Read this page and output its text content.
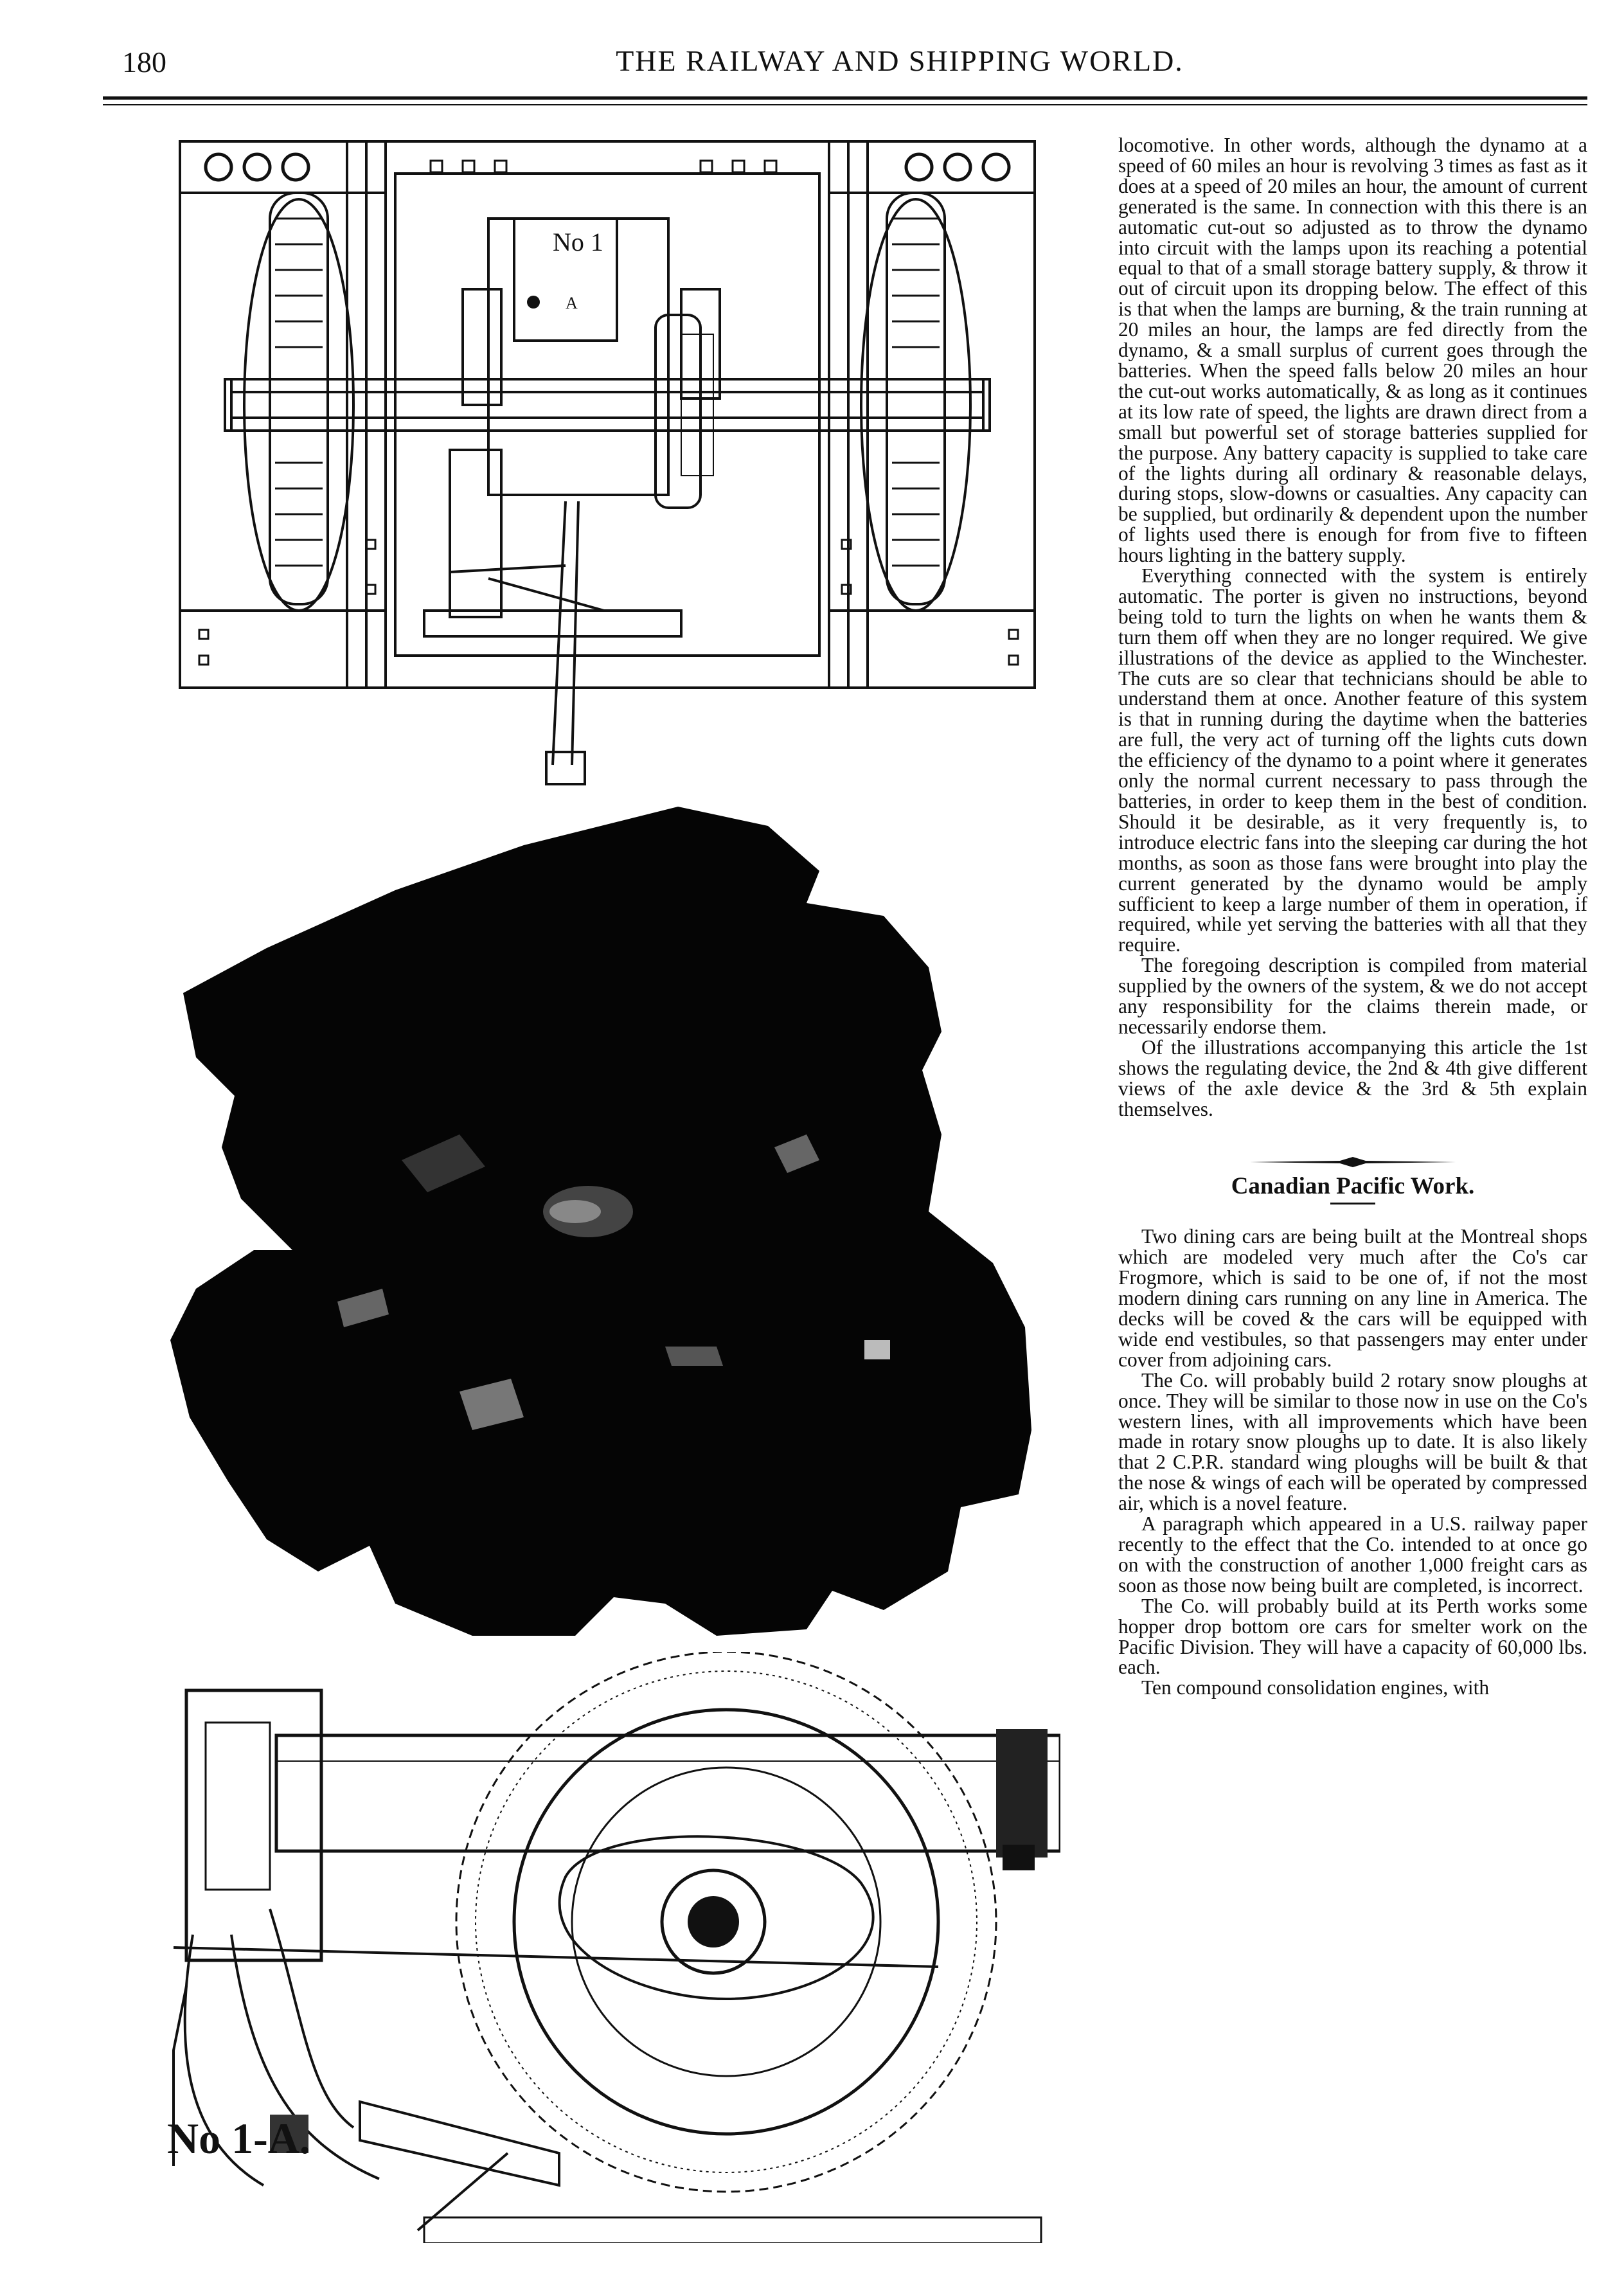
180	THE RAILWAY AND SHIPPING WORLD.
No 1
A
No 1-A.

locomotive. In other words, although the dynamo at a speed of 60 miles an hour is revolving 3 times as fast as it does at a speed of 20 miles an hour, the amount of current generated is the same. In connection with this there is an automatic cut-out so adjusted as to throw the dynamo into circuit with the lamps upon its reaching a potential equal to that of a small storage battery supply, & throw it out of circuit upon its dropping below. The effect of this is that when the lamps are burning, & the train running at 20 miles an hour, the lamps are fed directly from the dynamo, & a small surplus of current goes through the batteries. When the speed falls below 20 miles an hour the cut-out works automatically, & as long as it continues at its low rate of speed, the lights are drawn direct from a small but powerful set of storage batteries supplied for the purpose. Any battery capacity is supplied to take care of the lights during all ordinary & reasonable delays, during stops, slow-downs or casualties. Any capacity can be supplied, but ordinarily & dependent upon the number of lights used there is enough for from five to fifteen hours lighting in the battery supply.

Everything connected with the system is entirely automatic. The porter is given no instructions, beyond being told to turn the lights on when he wants them & turn them off when they are no longer required. We give illustrations of the device as applied to the Winchester. The cuts are so clear that technicians should be able to understand them at once. Another feature of this system is that in running during the daytime when the batteries are full, the very act of turning off the lights cuts down the efficiency of the dynamo to a point where it generates only the normal current necessary to pass through the batteries, in order to keep them in the best of condition. Should it be desirable, as it very frequently is, to introduce electric fans into the sleeping car during the hot months, as soon as those fans were brought into play the current generated by the dynamo would be amply sufficient to keep a large number of them in operation, if required, while yet serving the batteries with all that they require.

The foregoing description is compiled from material supplied by the owners of the system, & we do not accept any responsibility for the claims therein made, or necessarily endorse them.

Of the illustrations accompanying this article the 1st shows the regulating device, the 2nd & 4th give different views of the axle device & the 3rd & 5th explain themselves.

Canadian Pacific Work.

Two dining cars are being built at the Montreal shops which are modeled very much after the Co's car Frogmore, which is said to be one of, if not the most modern dining cars running on any line in America. The decks will be coved & the cars will be equipped with wide end vestibules, so that passengers may enter under cover from adjoining cars.

The Co. will probably build 2 rotary snow ploughs at once. They will be similar to those now in use on the Co's western lines, with all improvements which have been made in rotary snow ploughs up to date. It is also likely that 2 C.P.R. standard wing ploughs will be built & that the nose & wings of each will be operated by compressed air, which is a novel feature.

A paragraph which appeared in a U.S. railway paper recently to the effect that the Co. intended to at once go on with the construction of another 1,000 freight cars as soon as those now being built are completed, is incorrect.

The Co. will probably build at its Perth works some hopper drop bottom ore cars for smelter work on the Pacific Division. They will have a capacity of 60,000 lbs. each.

Ten compound consolidation engines, with
